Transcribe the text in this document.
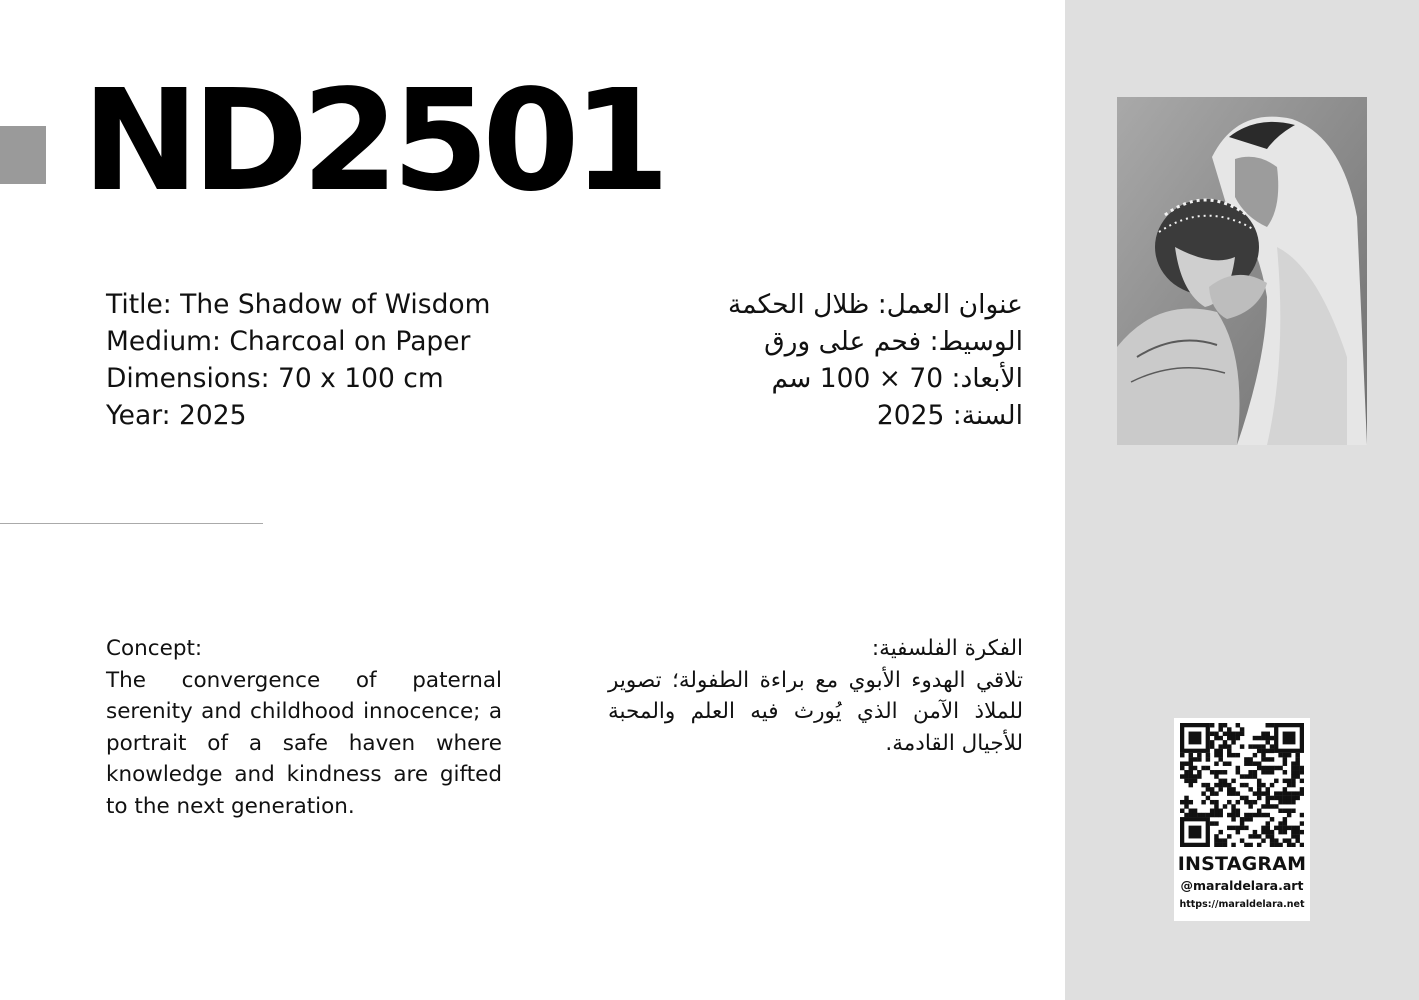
ND2501
Title: The Shadow of Wisdom
Medium: Charcoal on Paper
Dimensions: 70 x 100 cm
Year: 2025
عنوان العمل: ظلال الحكمة
الوسيط: فحم على ورق
الأبعاد: 70 × 100 سم
السنة: 2025
Concept:
The convergence of paternal serenity and childhood innocence; a portrait of a safe haven where knowledge and kindness are gifted to the next generation.
الفكرة الفلسفية:
تلاقي الهدوء الأبوي مع براءة الطفولة؛ تصوير للملاذ الآمن الذي يُورث فيه العلم والمحبة للأجيال القادمة.
INSTAGRAM
@maraldelara.art
https://maraldelara.net
